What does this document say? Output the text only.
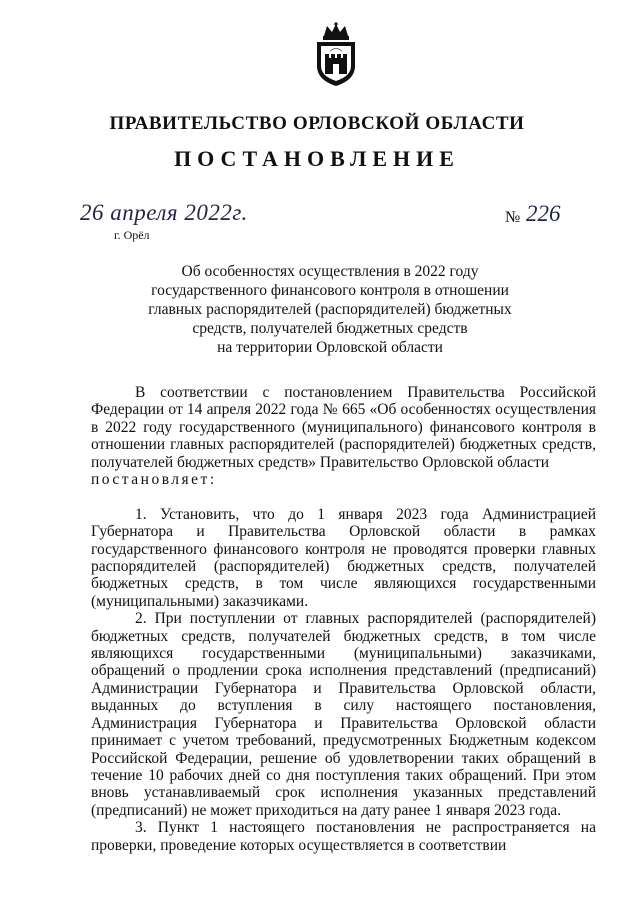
ПРАВИТЕЛЬСТВО ОРЛОВСКОЙ ОБЛАСТИ
ПОСТАНОВЛЕНИЕ
26 апреля 2022г.
г. Орёл
№ 226
Об особенностях осуществления в 2022 году
государственного финансового контроля в отношении
главных распорядителей (распорядителей) бюджетных
средств, получателей бюджетных средств
на территории Орловской области

В соответствии с постановлением Правительства Российской Федерации от 14 апреля 2022 года № 665 «Об особенностях осуществления в 2022 году государственного (муниципального) финансового контроля в отношении главных распорядителей (распорядителей) бюджетных средств, получателей бюджетных средств» Правительство Орловской области

постановляет:

1. Установить, что до 1 января 2023 года Администрацией Губернатора и Правительства Орловской области в рамках государственного финансового контроля не проводятся проверки главных распорядителей (распорядителей) бюджетных средств, получателей бюджетных средств, в том числе являющихся государственными (муниципальными) заказчиками.

2. При поступлении от главных распорядителей (распорядителей) бюджетных средств, получателей бюджетных средств, в том числе являющихся государственными (муниципальными) заказчиками, обращений о продлении срока исполнения представлений (предписаний) Администрации Губернатора и Правительства Орловской области, выданных до вступления в силу настоящего постановления, Администрация Губернатора и Правительства Орловской области принимает с учетом требований, предусмотренных Бюджетным кодексом Российской Федерации, решение об удовлетворении таких обращений в течение 10 рабочих дней со дня поступления таких обращений. При этом вновь устанавливаемый срок исполнения указанных представлений (предписаний) не может приходиться на дату ранее 1 января 2023 года.

3. Пункт 1 настоящего постановления не распространяется на проверки, проведение которых осуществляется в соответствии
